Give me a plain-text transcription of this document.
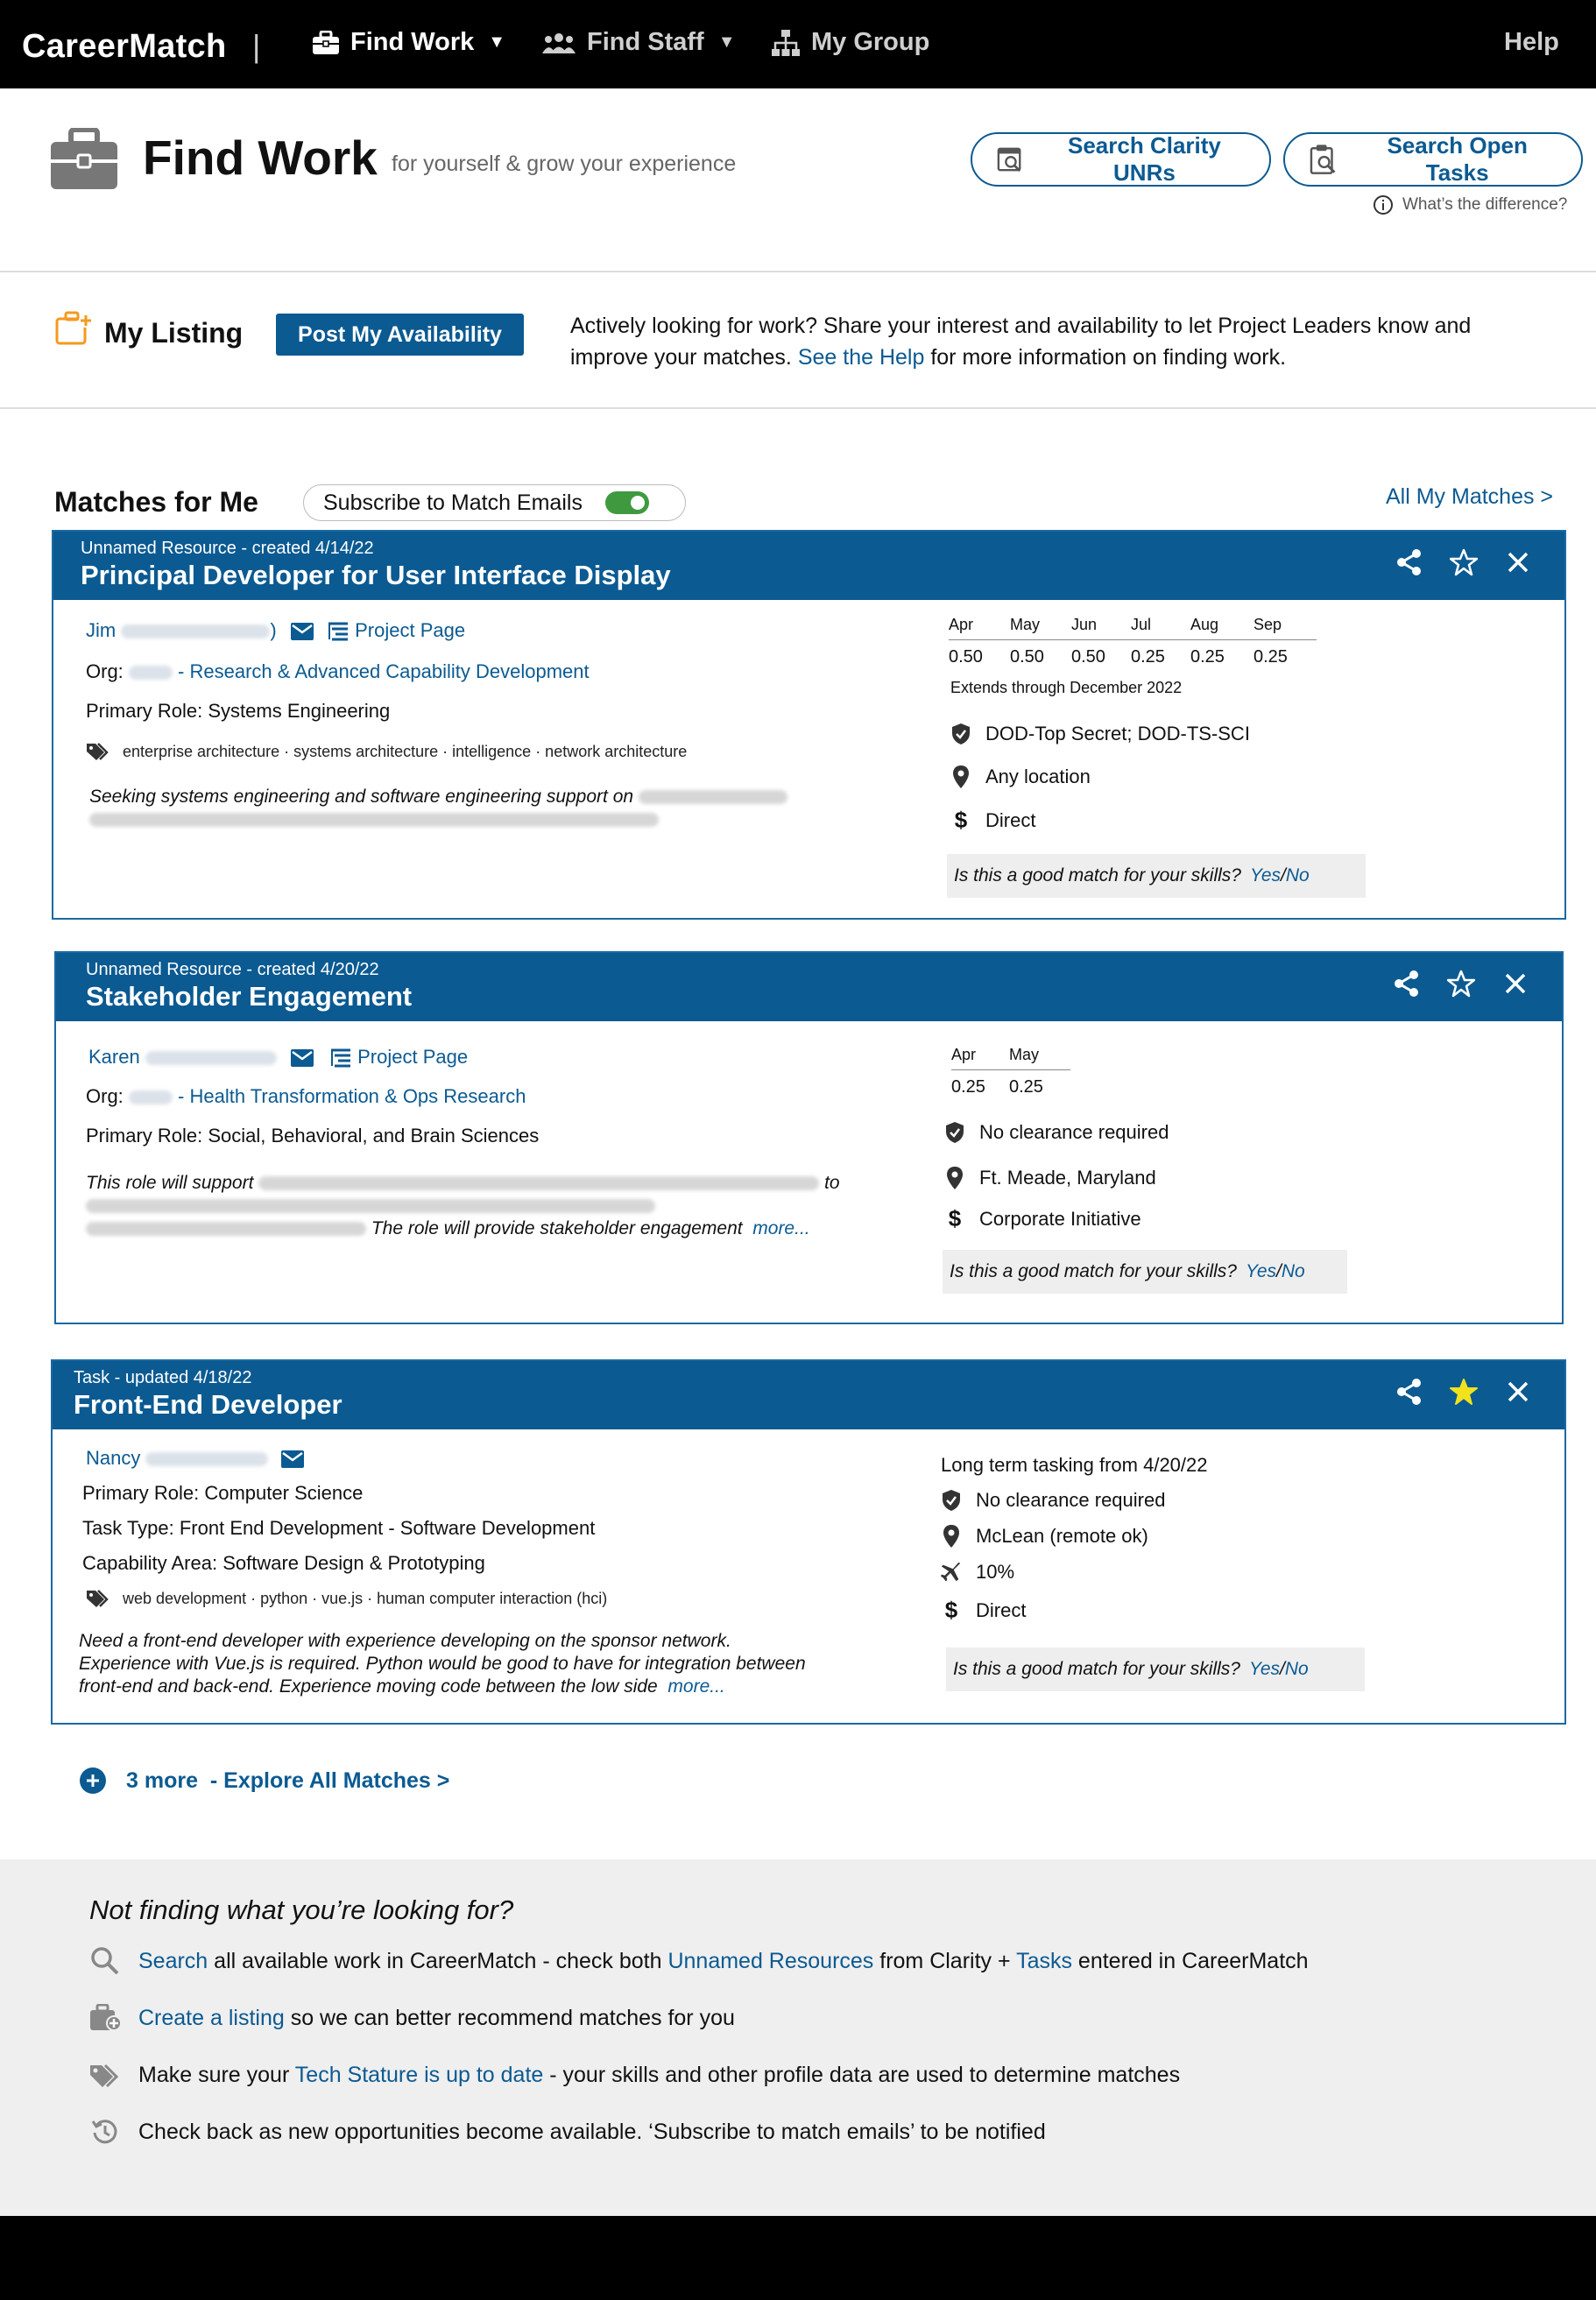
CareerMatch |	Find Work ▼	Find Staff ▼	My Group	Help
Find Work for yourself & grow your experience
Search Clarity UNRs
Search Open Tasks
What’s the difference?
My Listing	Post My Availability	Actively looking for work? Share your interest and availability to let Project Leaders know and improve your matches. See the Help for more information on finding work.
Matches for Me	Subscribe to Match Emails	All My Matches >
Unnamed Resource - created 4/14/22
Principal Developer for User Interface Display
Jim	)	Project Page
Org:	- Research & Advanced Capability Development
Primary Role: Systems Engineering
enterprise architecture · systems architecture · intelligence · network architecture
Seeking systems engineering and software engineering support on

Apr	May	Jun	Jul	Aug	Sep
0.50	0.50	0.50	0.25	0.25	0.25
Extends through December 2022
DOD-Top Secret; DOD-TS-SCI
Any location
$ Direct
Is this a good match for your skills? Yes / No
Unnamed Resource - created 4/20/22
Stakeholder Engagement
Karen	Project Page
Org:	- Health Transformation & Ops Research
Primary Role: Social, Behavioral, and Brain Sciences
This role will support	to

The role will provide stakeholder engagement more...
Apr	May
0.25	0.25
No clearance required
Ft. Meade, Maryland
$ Corporate Initiative
Is this a good match for your skills? Yes / No
Task - updated 4/18/22
Front-End Developer
Nancy
Primary Role: Computer Science
Task Type: Front End Development - Software Development
Capability Area: Software Design & Prototyping
web development · python · vue.js · human computer interaction (hci)
Need a front-end developer with experience developing on the sponsor network.
Experience with Vue.js is required. Python would be good to have for integration between
front-end and back-end. Experience moving code between the low side more...
Long term tasking from 4/20/22
No clearance required
McLean (remote ok)
10%
$ Direct
Is this a good match for your skills? Yes / No
3 more - Explore All Matches >
Not finding what you’re looking for?
Search all available work in CareerMatch - check both Unnamed Resources from Clarity + Tasks entered in CareerMatch
Create a listing so we can better recommend matches for you
Make sure your Tech Stature is up to date - your skills and other profile data are used to determine matches
Check back as new opportunities become available. ‘Subscribe to match emails’ to be notified
